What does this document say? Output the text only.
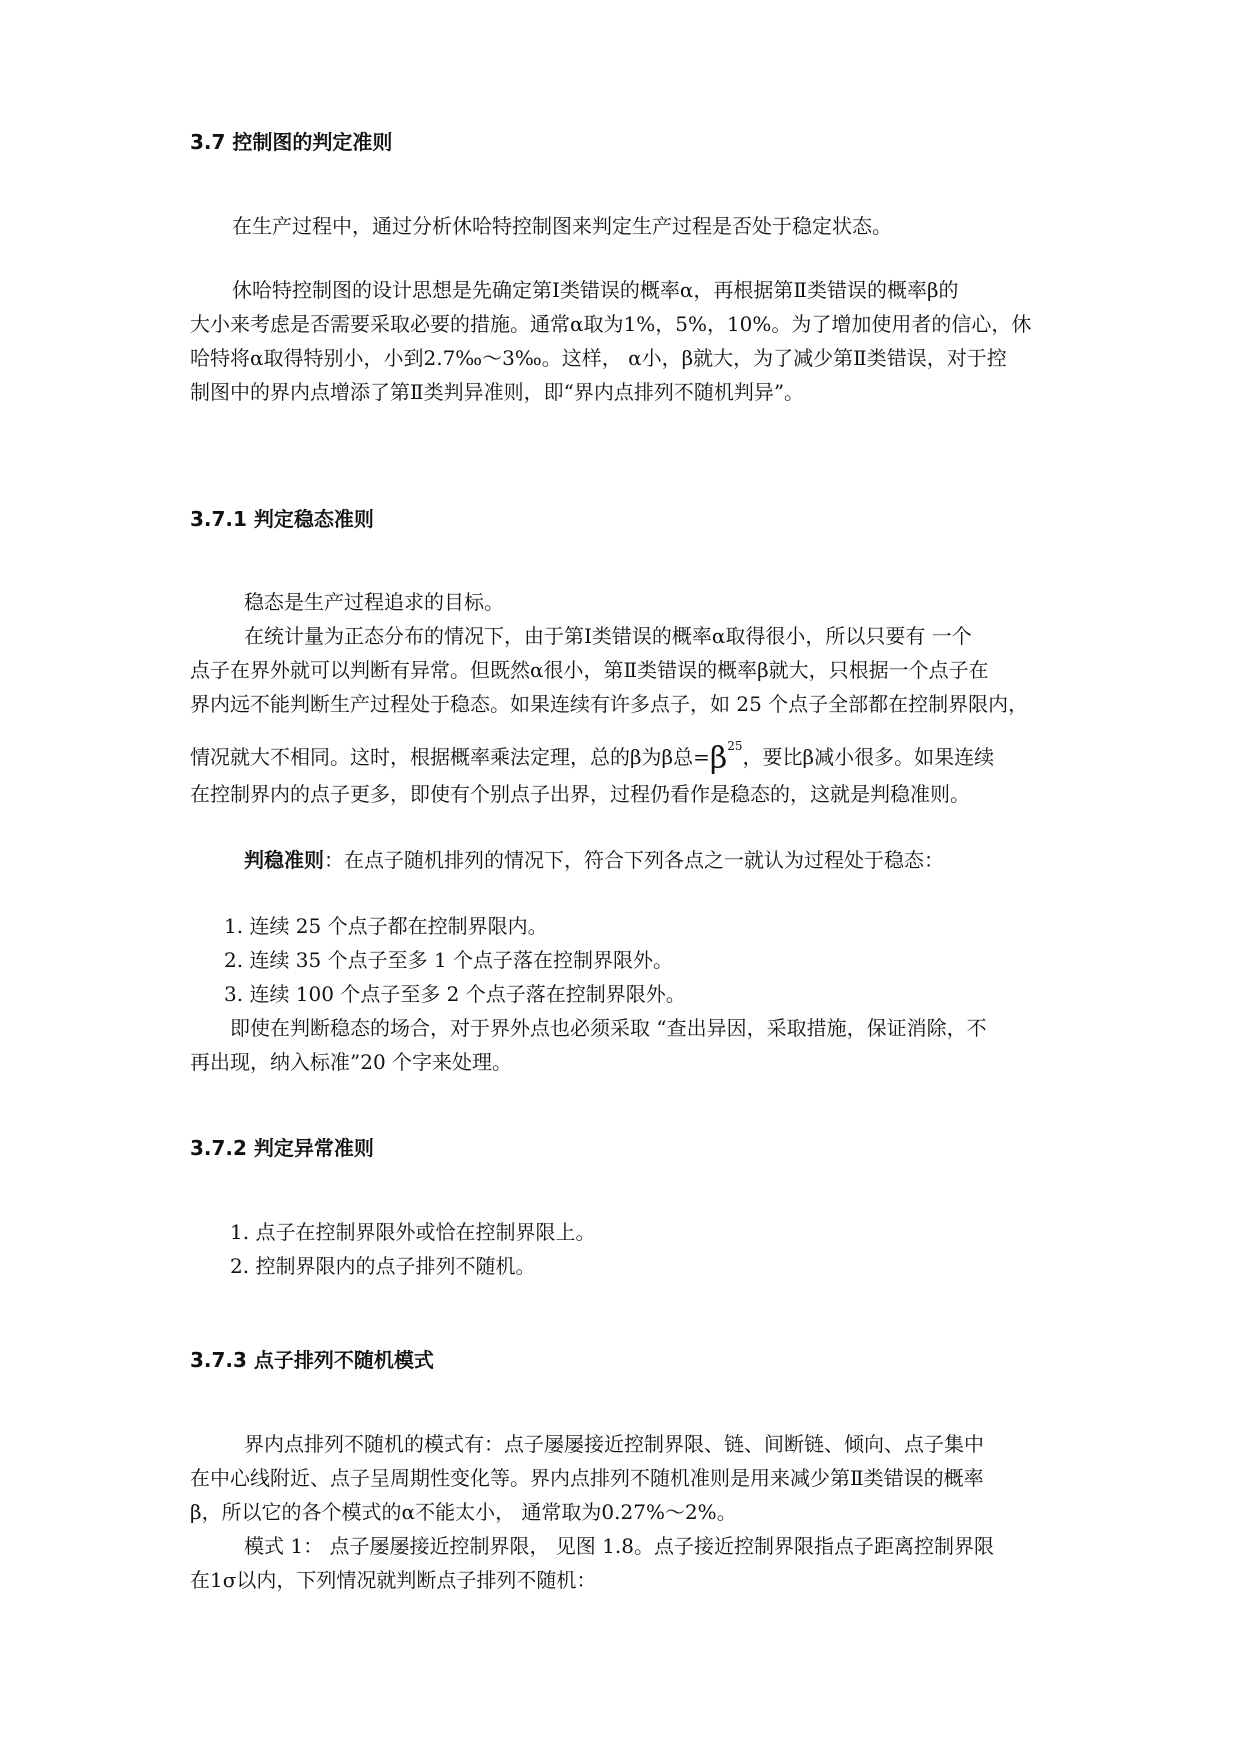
3.7 控制图的判定准则
在生产过程中，通过分析休哈特控制图来判定生产过程是否处于稳定状态。
休哈特控制图的设计思想是先确定第Ⅰ类错误的概率α，再根据第Ⅱ类错误的概率β的
大小来考虑是否需要采取必要的措施。通常α取为1%，5%，10%。为了增加使用者的信心，休
哈特将α取得特别小，小到2.7‰～3‰。这样， α小，β就大，为了减少第Ⅱ类错误，对于控
制图中的界内点增添了第Ⅱ类判异准则，即“界内点排列不随机判异”。
3.7.1 判定稳态准则
稳态是生产过程追求的目标。
在统计量为正态分布的情况下，由于第Ⅰ类错误的概率α取得很小，所以只要有 一个
点子在界外就可以判断有异常。但既然α很小，第Ⅱ类错误的概率β就大，只根据一个点子在
界内远不能判断生产过程处于稳态。如果连续有许多点子，如 25 个点子全部都在控制界限内，
情况就大不相同。这时，根据概率乘法定理，总的β为β总$=\beta^{25}$，要比β减小很多。如果连续
在控制界内的点子更多，即使有个别点子出界，过程仍看作是稳态的，这就是判稳准则。
判稳准则：在点子随机排列的情况下，符合下列各点之一就认为过程处于稳态：
1. 连续 25 个点子都在控制界限内。
2. 连续 35 个点子至多 1 个点子落在控制界限外。
3. 连续 100 个点子至多 2 个点子落在控制界限外。
即使在判断稳态的场合，对于界外点也必须采取 “查出异因，采取措施，保证消除，不
再出现，纳入标准”20 个字来处理。
3.7.2 判定异常准则
1. 点子在控制界限外或恰在控制界限上。
2. 控制界限内的点子排列不随机。
3.7.3 点子排列不随机模式
界内点排列不随机的模式有：点子屡屡接近控制界限、链、间断链、倾向、点子集中
在中心线附近、点子呈周期性变化等。界内点排列不随机准则是用来减少第Ⅱ类错误的概率
β，所以它的各个模式的α不能太小， 通常取为0.27%～2%。
模式 1： 点子屡屡接近控制界限， 见图 1.8。点子接近控制界限指点子距离控制界限
在1σ以内，下列情况就判断点子排列不随机：
